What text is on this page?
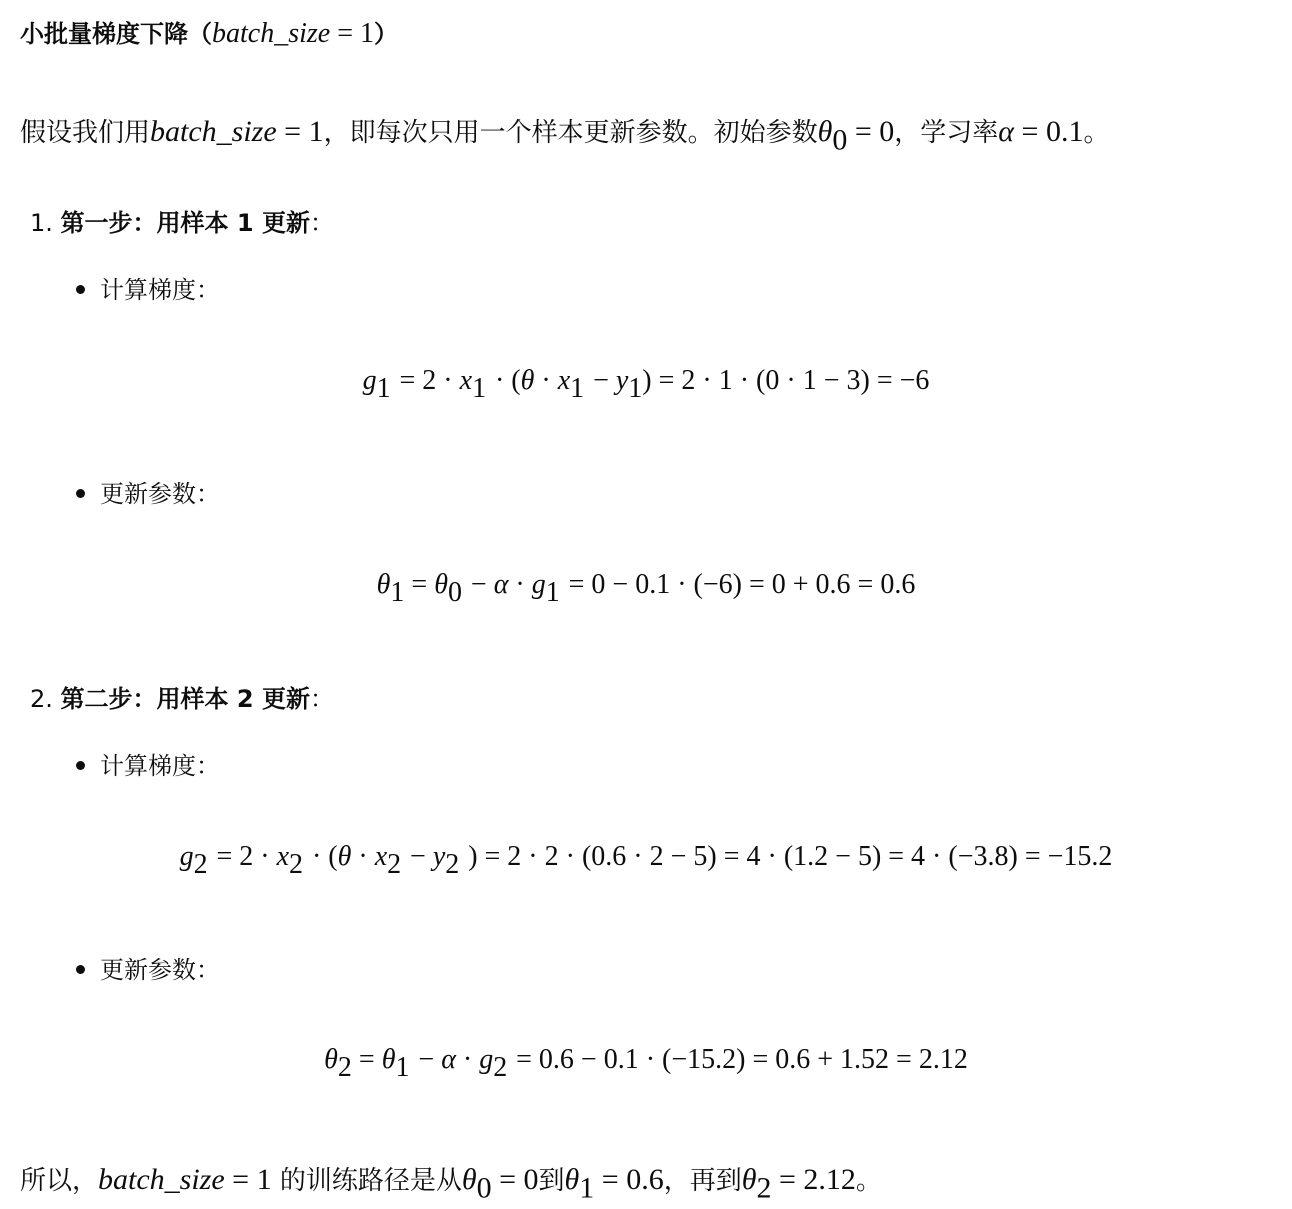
小批量梯度下降（batch_size = 1）
假设我们用batch_size = 1，即每次只用一个样本更新参数。初始参数$\theta_0 = 0$，学习率α = 0.1。
1. 第一步：用样本 1 更新：
计算梯度：
$g_1 = 2 \cdot x_1 \cdot (\theta \cdot x_1 - y_1) = 2 \cdot 1 \cdot (0 \cdot 1 - 3) = -6$
更新参数：
$\theta_1 = \theta_0 - \alpha \cdot g_1 = 0 - 0.1 \cdot (-6) = 0 + 0.6 = 0.6$
2. 第二步：用样本 2 更新：
计算梯度：
$g_2 = 2 \cdot x_2 \cdot (\theta \cdot x_2 - y_2$ ) = 2 · 2 · (0.6 · 2 − 5) = 4 · (1.2 − 5) = 4 · (−3.8) = −15.2
更新参数：
$\theta_2 = \theta_1 - \alpha \cdot g_2 = 0.6 - 0.1 \cdot (-15.2) = 0.6 + 1.52 = 2.12$
所以，batch_size = 1 的训练路径是从$\theta_0 = 0$到$\theta_1 = 0.6$，再到$\theta_2 = 2.12$。
